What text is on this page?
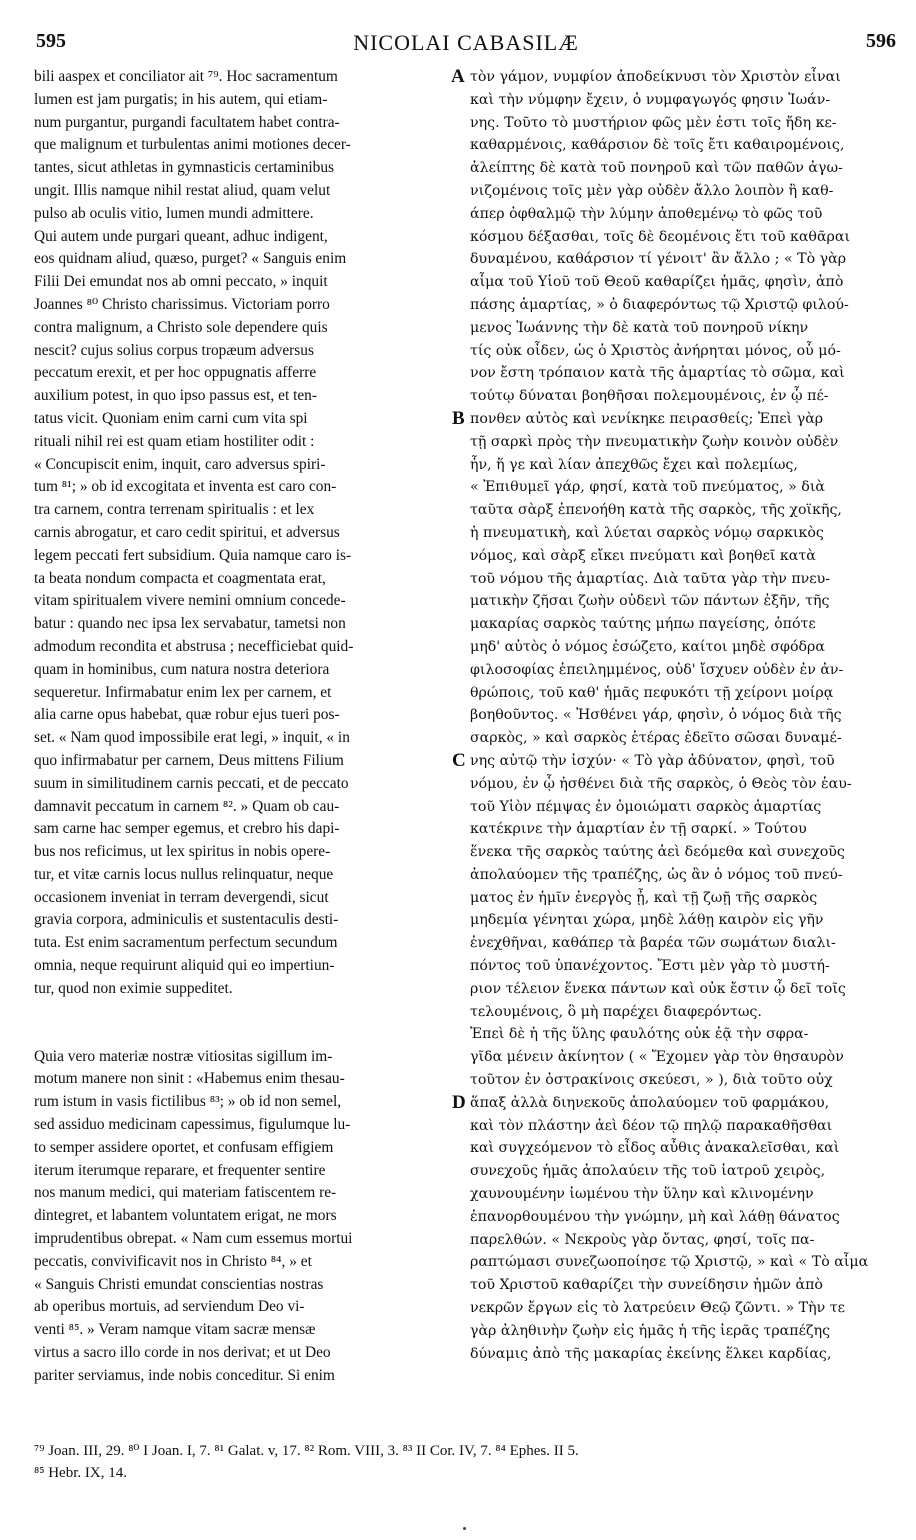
595	NICOLAI CABASILÆ	596
bili aaspex et conciliator ait ⁷⁹. Hoc sacramentum
lumen est jam purgatis; in his autem, qui etiam-
num purgantur, purgandi facultatem habet contra-
que malignum et turbulentas animi motiones decer-
tantes, sicut athletas in gymnasticis certaminibus
ungit. Illis namque nihil restat aliud, quam velut
pulso ab oculis vitio, lumen mundi admittere.
Qui autem unde purgari queant, adhuc indigent,
eos quidnam aliud, quæso, purget? « Sanguis enim
Filii Dei emundat nos ab omni peccato, » inquit
Joannes ⁸⁰ Christo charissimus. Victoriam porro
contra malignum, a Christo sole dependere quis
nescit? cujus solius corpus tropæum adversus
peccatum erexit, et per hoc oppugnatis afferre
auxilium potest, in quo ipso passus est, et ten-
tatus vicit. Quoniam enim carni cum vita spi
rituali nihil rei est quam etiam hostiliter odit :
« Concupiscit enim, inquit, caro adversus spiri-
tum ⁸¹; » ob id excogitata et inventa est caro con-
tra carnem, contra terrenam spiritualis : et lex
carnis abrogatur, et caro cedit spiritui, et adversus
legem peccati fert subsidium. Quia namque caro is-
ta beata nondum compacta et coagmentata erat,
vitam spiritualem vivere nemini omnium concede-
batur : quando nec ipsa lex servabatur, tametsi non
admodum recondita et abstrusa ; necefficiebat quid-
quam in hominibus, cum natura nostra deteriora
sequeretur. Infirmabatur enim lex per carnem, et
alia carne opus habebat, quæ robur ejus tueri pos-
set. « Nam quod impossibile erat legi, » inquit, « in
quo infirmabatur per carnem, Deus mittens Filium
suum in similitudinem carnis peccati, et de peccato
damnavit peccatum in carnem ⁸². » Quam ob cau-
sam carne hac semper egemus, et crebro his dapi-
bus nos reficimus, ut lex spiritus in nobis opere-
tur, et vitæ carnis locus nullus relinquatur, neque
occasionem inveniat in terram devergendi, sicut
gravia corpora, adminiculis et sustentaculis desti-
tuta. Est enim sacramentum perfectum secundum
omnia, neque requirunt aliquid qui eo impertiun-
tur, quod non eximie suppeditet.
Quia vero materiæ nostræ vitiositas sigillum im-
motum manere non sinit : «Habemus enim thesau-
rum istum in vasis fictilibus ⁸³; » ob id non semel,
sed assiduo medicinam capessimus, figulumque lu-
to semper assidere oportet, et confusam effigiem
iterum iterumque reparare, et frequenter sentire
nos manum medici, qui materiam fatiscentem re-
dintegret, et labantem voluntatem erigat, ne mors
imprudentibus obrepat. « Nam cum essemus mortui
peccatis, convivificavit nos in Christo ⁸⁴, » et
« Sanguis Christi emundat conscientias nostras
ab operibus mortuis, ad serviendum Deo vi-
venti ⁸⁵. » Veram namque vitam sacræ mensæ
virtus a sacro illo corde in nos derivat; et ut Deo
pariter serviamus, inde nobis conceditur. Si enim
τὸν γάμον, νυμφίον ἀποδείκνυσι τὸν Χριστὸν εἶναι
καὶ τὴν νύμφην ἔχειν, ὁ νυμφαγωγός φησιν Ἰωάν-
νης. Τοῦτο τὸ μυστήριον φῶς μὲν ἐστι τοῖς ἤδη κε-
καθαρμένοις, καθάρσιον δὲ τοῖς ἔτι καθαιρομένοις,
ἀλείπτης δὲ κατὰ τοῦ πονηροῦ καὶ τῶν παθῶν ἀγω-
νιζομένοις τοῖς μὲν γὰρ οὐδὲν ἄλλο λοιπὸν ἢ καθ-
άπερ ὀφθαλμῷ τὴν λύμην ἀποθεμένῳ τὸ φῶς τοῦ
κόσμου δέξασθαι, τοῖς δὲ δεομένοις ἔτι τοῦ καθᾶραι
δυναμένου, καθάρσιον τί γένοιτ' ἂν ἄλλο ; « Τὸ γὰρ
αἷμα τοῦ Υἱοῦ τοῦ Θεοῦ καθαρίζει ἡμᾶς, φησὶν, ἀπὸ
πάσης ἁμαρτίας, » ὁ διαφερόντως τῷ Χριστῷ φιλού-
μενος Ἰωάννης τὴν δὲ κατὰ τοῦ πονηροῦ νίκην
τίς οὐκ οἶδεν, ὡς ὁ Χριστὸς ἀνήρηται μόνος, οὗ μό-
νον ἔστη τρόπαιον κατὰ τῆς ἁμαρτίας τὸ σῶμα, καὶ
τούτῳ δύναται βοηθῆσαι πολεμουμένοις, ἐν ᾧ πέ-
πονθεν αὐτὸς καὶ νενίκηκε πειρασθείς; Ἐπεὶ γὰρ
τῇ σαρκὶ πρὸς τὴν πνευματικὴν ζωὴν κοινὸν οὐδὲν
ἦν, ἥ γε καὶ λίαν ἀπεχθῶς ἔχει καὶ πολεμίως,
« Ἐπιθυμεῖ γάρ, φησί, κατὰ τοῦ πνεύματος, » διὰ
ταῦτα σὰρξ ἐπενοήθη κατὰ τῆς σαρκὸς, τῆς χοϊκῆς,
ἡ πνευματικὴ, καὶ λύεται σαρκὸς νόμῳ σαρκικὸς
νόμος, καὶ σὰρξ εἴκει πνεύματι καὶ βοηθεῖ κατὰ
τοῦ νόμου τῆς ἁμαρτίας. Διὰ ταῦτα γὰρ τὴν πνευ-
ματικὴν ζῆσαι ζωὴν οὐδενὶ τῶν πάντων ἐξῆν, τῆς
μακαρίας σαρκὸς ταύτης μήπω παγείσης, ὁπότε
μηδ' αὐτὸς ὁ νόμος ἐσώζετο, καίτοι μηδὲ σφόδρα
φιλοσοφίας ἐπειλημμένος, οὐδ' ἴσχυεν οὐδὲν ἐν ἀν-
θρώποις, τοῦ καθ' ἡμᾶς πεφυκότι τῇ χείρονι μοίρᾳ
βοηθοῦντος. « Ἠσθένει γάρ, φησὶν, ὁ νόμος διὰ τῆς
σαρκὸς, » καὶ σαρκὸς ἑτέρας ἐδεῖτο σῶσαι δυναμέ-
νης αὐτῷ τὴν ἰσχύν· « Τὸ γὰρ ἀδύνατον, φησὶ, τοῦ
νόμου, ἐν ᾧ ἠσθένει διὰ τῆς σαρκὸς, ὁ Θεὸς τὸν ἑαυ-
τοῦ Υἱὸν πέμψας ἐν ὁμοιώματι σαρκὸς ἁμαρτίας
κατέκρινε τὴν ἁμαρτίαν ἐν τῇ σαρκί. » Τούτου
ἕνεκα τῆς σαρκὸς ταύτης ἀεὶ δεόμεθα καὶ συνεχοῦς
ἀπολαύομεν τῆς τραπέζης, ὡς ἂν ὁ νόμος τοῦ πνεύ-
ματος ἐν ἡμῖν ἐνεργὸς ᾖ, καὶ τῇ ζωῇ τῆς σαρκὸς
μηδεμία γένηται χώρα, μηδὲ λάθῃ καιρὸν εἰς γῆν
ἐνεχθῆναι, καθάπερ τὰ βαρέα τῶν σωμάτων διαλι-
πόντος τοῦ ὑπανέχοντος. Ἔστι μὲν γὰρ τὸ μυστή-
ριον τέλειον ἕνεκα πάντων καὶ οὐκ ἔστιν ᾧ δεῖ τοῖς
τελουμένοις, ὃ μὴ παρέχει διαφερόντως.
Ἐπεὶ δὲ ἡ τῆς ὕλης φαυλότης οὐκ ἐᾷ τὴν σφρα-
γῖδα μένειν ἀκίνητον ( « Ἔχομεν γὰρ τὸν θησαυρὸν
τοῦτον ἐν ὀστρακίνοις σκεύεσι, » ), διὰ τοῦτο οὐχ
ἅπαξ ἀλλὰ διηνεκοῦς ἀπολαύομεν τοῦ φαρμάκου,
καὶ τὸν πλάστην ἀεὶ δέον τῷ πηλῷ παρακαθῆσθαι
καὶ συγχεόμενον τὸ εἶδος αὖθις ἀνακαλεῖσθαι, καὶ
συνεχοῦς ἡμᾶς ἀπολαύειν τῆς τοῦ ἰατροῦ χειρὸς,
χαυνουμένην ἰωμένου τὴν ὕλην καὶ κλινομένην
ἐπανορθουμένου τὴν γνώμην, μὴ καὶ λάθῃ θάνατος
παρελθών. « Νεκροὺς γὰρ ὄντας, φησί, τοῖς πα-
ραπτώμασι συνεζωοποίησε τῷ Χριστῷ, » καὶ « Τὸ αἷμα
τοῦ Χριστοῦ καθαρίζει τὴν συνείδησιν ἡμῶν ἀπὸ
νεκρῶν ἔργων εἰς τὸ λατρεύειν Θεῷ ζῶντι. » Τὴν τε
γὰρ ἀληθινὴν ζωὴν εἰς ἡμᾶς ἡ τῆς ἱερᾶς τραπέζης
δύναμις ἀπὸ τῆς μακαρίας ἐκείνης ἕλκει καρδίας,
A
B
C
D
⁷⁹ Joan. III, 29. ⁸⁰ I Joan. I, 7. ⁸¹ Galat. v, 17. ⁸² Rom. VIII, 3. ⁸³ II Cor. IV, 7. ⁸⁴ Ephes. II 5.
⁸⁵ Hebr. IX, 14.
